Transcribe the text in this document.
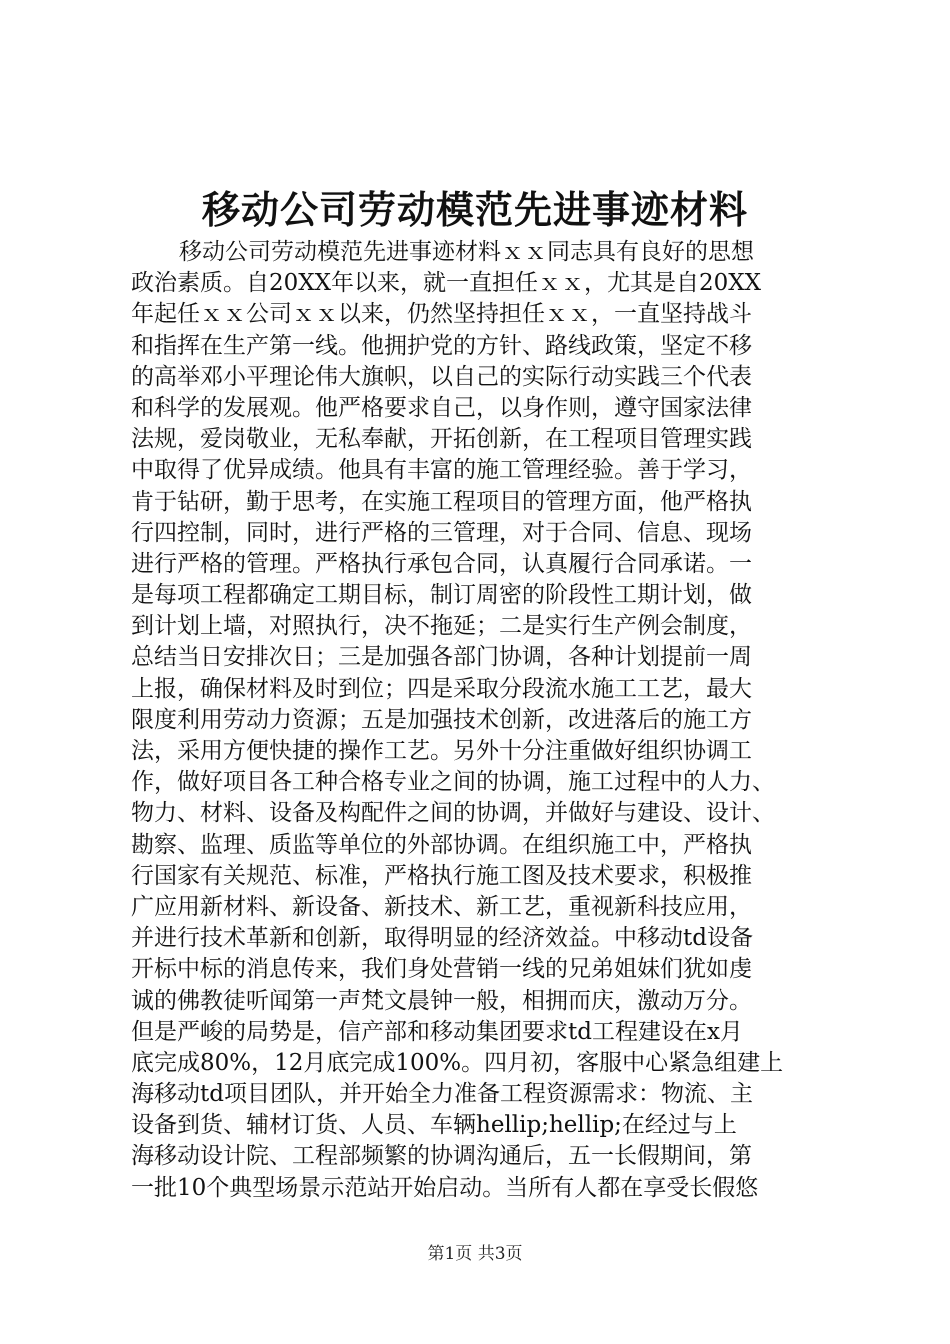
移动公司劳动模范先进事迹材料
移动公司劳动模范先进事迹材料ｘｘ同志具有良好的思想
政治素质。自20XX年以来，就一直担任ｘｘ，尤其是自20XX
年起任ｘｘ公司ｘｘ以来，仍然坚持担任ｘｘ，一直坚持战斗
和指挥在生产第一线。他拥护党的方针、路线政策，坚定不移
的高举邓小平理论伟大旗帜，以自己的实际行动实践三个代表
和科学的发展观。他严格要求自己，以身作则，遵守国家法律
法规，爱岗敬业，无私奉献，开拓创新，在工程项目管理实践
中取得了优异成绩。他具有丰富的施工管理经验。善于学习，
肯于钻研，勤于思考，在实施工程项目的管理方面，他严格执
行四控制，同时，进行严格的三管理，对于合同、信息、现场
进行严格的管理。严格执行承包合同，认真履行合同承诺。一
是每项工程都确定工期目标，制订周密的阶段性工期计划，做
到计划上墙，对照执行，决不拖延；二是实行生产例会制度，
总结当日安排次日；三是加强各部门协调，各种计划提前一周
上报，确保材料及时到位；四是采取分段流水施工工艺，最大
限度利用劳动力资源；五是加强技术创新，改进落后的施工方
法，采用方便快捷的操作工艺。另外十分注重做好组织协调工
作，做好项目各工种合格专业之间的协调，施工过程中的人力、
物力、材料、设备及构配件之间的协调，并做好与建设、设计、
勘察、监理、质监等单位的外部协调。在组织施工中，严格执
行国家有关规范、标准，严格执行施工图及技术要求，积极推
广应用新材料、新设备、新技术、新工艺，重视新科技应用，
并进行技术革新和创新，取得明显的经济效益。中移动td设备
开标中标的消息传来，我们身处营销一线的兄弟姐妹们犹如虔
诚的佛教徒听闻第一声梵文晨钟一般，相拥而庆，激动万分。
但是严峻的局势是，信产部和移动集团要求td工程建设在x月
底完成80%，12月底完成100%。四月初，客服中心紧急组建上
海移动td项目团队，并开始全力准备工程资源需求：物流、主
设备到货、辅材订货、人员、车辆hellip;hellip;在经过与上
海移动设计院、工程部频繁的协调沟通后，五一长假期间，第
一批10个典型场景示范站开始启动。当所有人都在享受长假悠
第1页 共3页
